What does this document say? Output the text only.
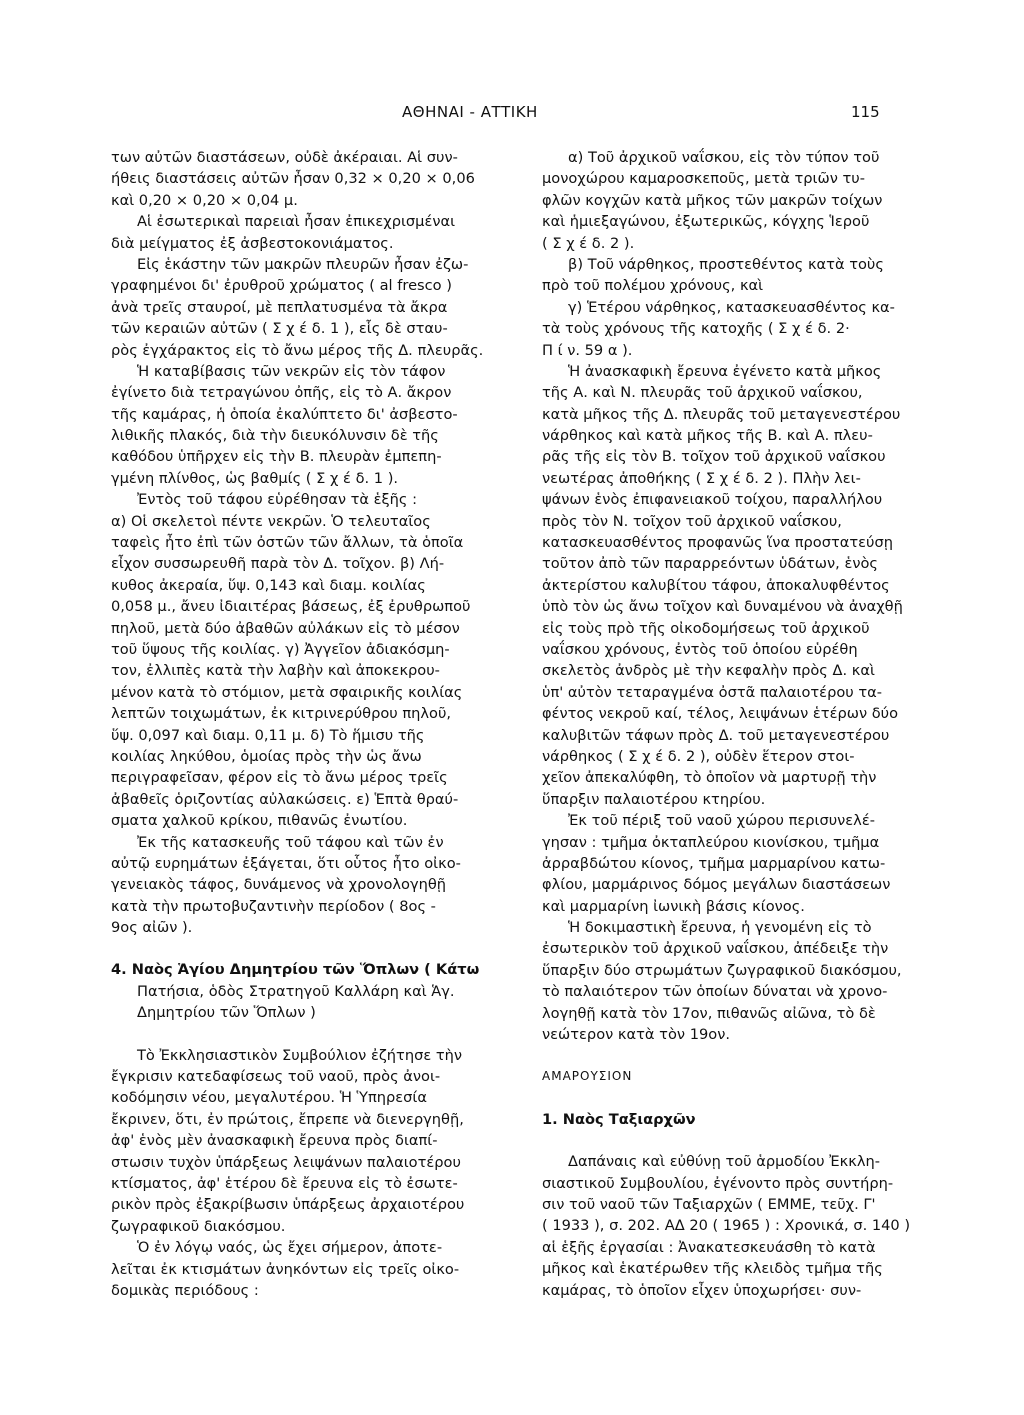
ΑΘΗΝΑΙ - ΑΤΤΙΚΗ	115
των αὐτῶν διαστάσεων, οὐδὲ ἀκέραιαι. Αἱ συν-
ήθεις διαστάσεις αὐτῶν ἦσαν 0,32 × 0,20 × 0,06
καὶ 0,20 × 0,20 × 0,04 μ.
Αἱ ἐσωτερικαὶ παρειαὶ ἦσαν ἐπικεχρισμέναι
διὰ μείγματος ἐξ ἀσβεστοκονιάματος.
Εἰς ἑκάστην τῶν μακρῶν πλευρῶν ἦσαν ἐζω-
γραφημένοι δι' ἐρυθροῦ χρώματος ( al fresco )
ἀνὰ τρεῖς σταυροί, μὲ πεπλατυσμένα τὰ ἄκρα
τῶν κεραιῶν αὐτῶν ( Σ χ έ δ. 1 ), εἷς δὲ σταυ-
ρὸς ἐγχάρακτος εἰς τὸ ἄνω μέρος τῆς Δ. πλευρᾶς.
Ἡ καταβίβασις τῶν νεκρῶν εἰς τὸν τάφον
ἐγίνετο διὰ τετραγώνου ὀπῆς, εἰς τὸ Α. ἄκρον
τῆς καμάρας, ἡ ὁποία ἐκαλύπτετο δι' ἀσβεστο-
λιθικῆς πλακός, διὰ τὴν διευκόλυνσιν δὲ τῆς
καθόδου ὑπῆρχεν εἰς τὴν Β. πλευρὰν ἐμπεπη-
γμένη πλίνθος, ὡς βαθμίς ( Σ χ έ δ. 1 ).
Ἐντὸς τοῦ τάφου εὑρέθησαν τὰ ἑξῆς :
α) Οἱ σκελετοὶ πέντε νεκρῶν. Ὁ τελευταῖος
ταφεὶς ἦτο ἐπὶ τῶν ὀστῶν τῶν ἄλλων, τὰ ὁποῖα
εἶχον συσσωρευθῆ παρὰ τὸν Δ. τοῖχον. β) Λή-
κυθος ἀκεραία, ὕψ. 0,143 καὶ διαμ. κοιλίας
0,058 μ., ἄνευ ἰδιαιτέρας βάσεως, ἐξ ἐρυθρωποῦ
πηλοῦ, μετὰ δύο ἀβαθῶν αὐλάκων εἰς τὸ μέσον
τοῦ ὕψους τῆς κοιλίας. γ) Ἀγγεῖον ἀδιακόσμη-
τον, ἐλλιπὲς κατὰ τὴν λαβὴν καὶ ἀποκεκρου-
μένον κατὰ τὸ στόμιον, μετὰ σφαιρικῆς κοιλίας
λεπτῶν τοιχωμάτων, ἐκ κιτρινερύθρου πηλοῦ,
ὕψ. 0,097 καὶ διαμ. 0,11 μ. δ) Τὸ ἥμισυ τῆς
κοιλίας ληκύθου, ὁμοίας πρὸς τὴν ὡς ἄνω
περιγραφεῖσαν, φέρον εἰς τὸ ἄνω μέρος τρεῖς
ἀβαθεῖς ὁριζοντίας αὐλακώσεις. ε) Ἑπτὰ θραύ-
σματα χαλκοῦ κρίκου, πιθανῶς ἐνωτίου.
Ἐκ τῆς κατασκευῆς τοῦ τάφου καὶ τῶν ἐν
αὐτῷ ευρημάτων ἐξάγεται, ὅτι οὗτος ἦτο οἰκο-
γενειακὸς τάφος, δυνάμενος νὰ χρονολογηθῇ
κατὰ τὴν πρωτοβυζαντινὴν περίοδον ( 8ος -
9ος αἰῶν ).
4. Ναὸς Ἁγίου Δημητρίου τῶν Ὅπλων ( Κάτω
Πατήσια, ὁδὸς Στρατηγοῦ Καλλάρη καὶ Ἁγ.
Δημητρίου τῶν Ὅπλων )
Τὸ Ἐκκλησιαστικὸν Συμβούλιον ἐζήτησε τὴν
ἔγκρισιν κατεδαφίσεως τοῦ ναοῦ, πρὸς ἀνοι-
κοδόμησιν νέου, μεγαλυτέρου. Ἡ Ὑπηρεσία
ἔκρινεν, ὅτι, ἐν πρώτοις, ἔπρεπε νὰ διενεργηθῇ,
ἀφ' ἑνὸς μὲν ἀνασκαφικὴ ἔρευνα πρὸς διαπί-
στωσιν τυχὸν ὑπάρξεως λειψάνων παλαιοτέρου
κτίσματος, ἀφ' ἑτέρου δὲ ἔρευνα εἰς τὸ ἐσωτε-
ρικὸν πρὸς ἐξακρίβωσιν ὑπάρξεως ἀρχαιοτέρου
ζωγραφικοῦ διακόσμου.
Ὁ ἐν λόγῳ ναός, ὡς ἔχει σήμερον, ἀποτε-
λεῖται ἐκ κτισμάτων ἀνηκόντων εἰς τρεῖς οἰκο-
δομικὰς περιόδους :
α) Τοῦ ἀρχικοῦ ναΐσκου, εἰς τὸν τύπον τοῦ
μονοχώρου καμαροσκεποῦς, μετὰ τριῶν τυ-
φλῶν κογχῶν κατὰ μῆκος τῶν μακρῶν τοίχων
καὶ ἡμιεξαγώνου, ἐξωτερικῶς, κόγχης Ἱεροῦ
( Σ χ έ δ. 2 ).
β) Τοῦ νάρθηκος, προστεθέντος κατὰ τοὺς
πρὸ τοῦ πολέμου χρόνους, καὶ
γ) Ἑτέρου νάρθηκος, κατασκευασθέντος κα-
τὰ τοὺς χρόνους τῆς κατοχῆς ( Σ χ έ δ. 2·
Π ί ν. 59 α ).
Ἡ ἀνασκαφικὴ ἔρευνα ἐγένετο κατὰ μῆκος
τῆς Α. καὶ Ν. πλευρᾶς τοῦ ἀρχικοῦ ναΐσκου,
κατὰ μῆκος τῆς Δ. πλευρᾶς τοῦ μεταγενεστέρου
νάρθηκος καὶ κατὰ μῆκος τῆς Β. καὶ Α. πλευ-
ρᾶς τῆς εἰς τὸν Β. τοῖχον τοῦ ἀρχικοῦ ναΐσκου
νεωτέρας ἀποθήκης ( Σ χ έ δ. 2 ). Πλὴν λει-
ψάνων ἑνὸς ἐπιφανειακοῦ τοίχου, παραλλήλου
πρὸς τὸν Ν. τοῖχον τοῦ ἀρχικοῦ ναΐσκου,
κατασκευασθέντος προφανῶς ἵνα προστατεύσῃ
τοῦτον ἀπὸ τῶν παραρρεόντων ὑδάτων, ἑνὸς
ἀκτερίστου καλυβίτου τάφου, ἀποκαλυφθέντος
ὑπὸ τὸν ὡς ἄνω τοῖχον καὶ δυναμένου νὰ ἀναχθῇ
εἰς τοὺς πρὸ τῆς οἰκοδομήσεως τοῦ ἀρχικοῦ
ναΐσκου χρόνους, ἐντὸς τοῦ ὁποίου εὑρέθη
σκελετὸς ἀνδρὸς μὲ τὴν κεφαλὴν πρὸς Δ. καὶ
ὑπ' αὐτὸν τεταραγμένα ὀστᾶ παλαιοτέρου τα-
φέντος νεκροῦ καί, τέλος, λειψάνων ἑτέρων δύο
καλυβιτῶν τάφων πρὸς Δ. τοῦ μεταγενεστέρου
νάρθηκος ( Σ χ έ δ. 2 ), οὐδὲν ἕτερον στοι-
χεῖον ἀπεκαλύφθη, τὸ ὁποῖον νὰ μαρτυρῇ τὴν
ὕπαρξιν παλαιοτέρου κτηρίου.
Ἐκ τοῦ πέριξ τοῦ ναοῦ χώρου περισυνελέ-
γησαν : τμῆμα ὀκταπλεύρου κιονίσκου, τμῆμα
ἀρραβδώτου κίονος, τμῆμα μαρμαρίνου κατω-
φλίου, μαρμάρινος δόμος μεγάλων διαστάσεων
καὶ μαρμαρίνη ἰωνικὴ βάσις κίονος.
Ἡ δοκιμαστικὴ ἔρευνα, ἡ γενομένη εἰς τὸ
ἐσωτερικὸν τοῦ ἀρχικοῦ ναΐσκου, ἀπέδειξε τὴν
ὕπαρξιν δύο στρωμάτων ζωγραφικοῦ διακόσμου,
τὸ παλαιότερον τῶν ὁποίων δύναται νὰ χρονο-
λογηθῇ κατὰ τὸν 17ον, πιθανῶς αἰῶνα, τὸ δὲ
νεώτερον κατὰ τὸν 19ον.
ΑΜΑΡΟΥΣΙΟΝ
1. Ναὸς Ταξιαρχῶν
Δαπάναις καὶ εὐθύνῃ τοῦ ἁρμοδίου Ἐκκλη-
σιαστικοῦ Συμβουλίου, ἐγένοντο πρὸς συντήρη-
σιν τοῦ ναοῦ τῶν Ταξιαρχῶν ( ΕΜΜΕ, τεῦχ. Γ'
( 1933 ), σ. 202. ΑΔ 20 ( 1965 ) : Χρονικά, σ. 140 )
αἱ ἑξῆς ἐργασίαι : Ἀνακατεσκευάσθη τὸ κατὰ
μῆκος καὶ ἑκατέρωθεν τῆς κλειδὸς τμῆμα τῆς
καμάρας, τὸ ὁποῖον εἶχεν ὑποχωρήσει· συν-
